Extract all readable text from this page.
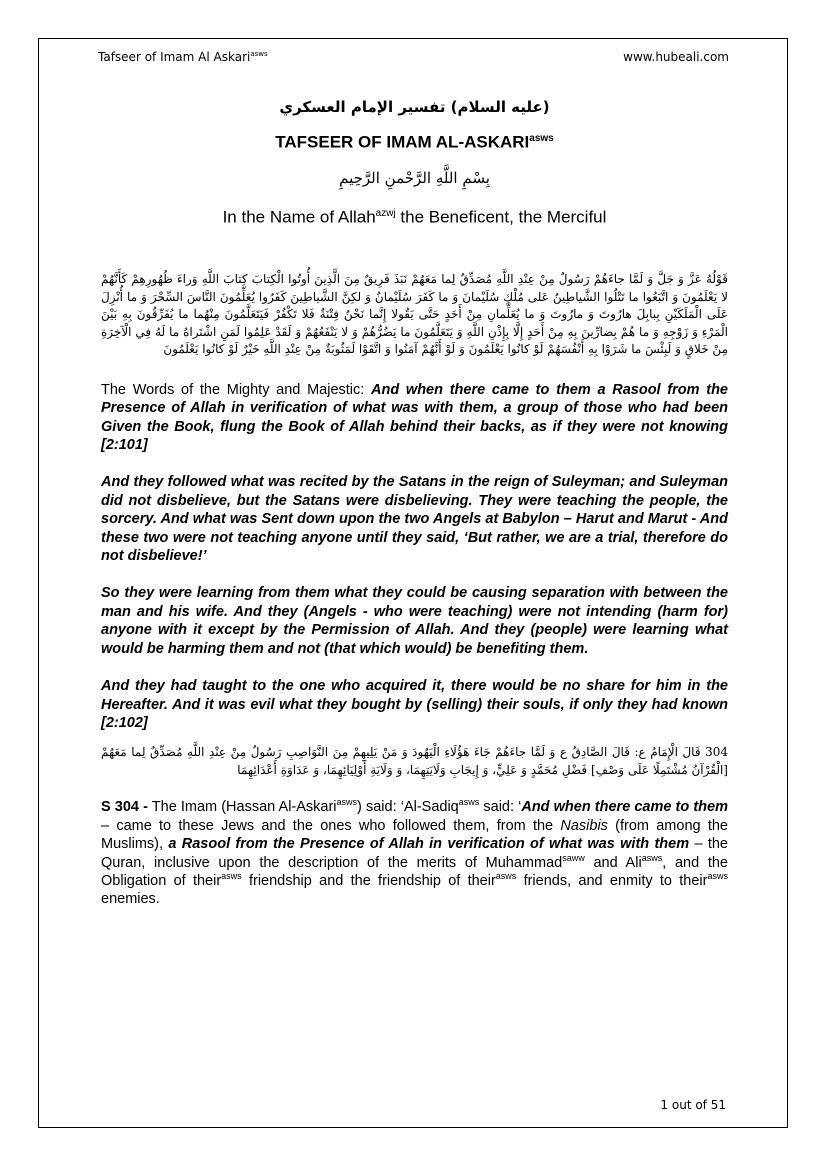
Tafseer of Imam Al Askari$^{asws}$	www.hubeali.com

(عليه السلام) تفسير الإمام العسكري

TAFSEER OF IMAM $AL-ASKARI^{asws}$

بِسْمِ اللَّهِ الرَّحْمنِ الرَّحِيمِ

In the Name of Allah$^{azwj}$ the Beneficent, the Merciful

قَوْلُهُ عَزَّ وَ جَلَّ وَ لَمَّا جاءَهُمْ رَسُولٌ مِنْ عِنْدِ اللَّهِ مُصَدِّقٌ لِما مَعَهُمْ نَبَذَ فَرِيقٌ مِنَ الَّذِينَ أُوتُوا الْكِتابَ كِتابَ اللَّهِ وَراءَ ظُهُورِهِمْ كَأَنَّهُمْ لا يَعْلَمُونَ وَ اتَّبَعُوا ما تَتْلُوا الشَّياطِينُ عَلى‏ مُلْكِ سُلَيْمانَ وَ ما كَفَرَ سُلَيْمانُ وَ لكِنَّ الشَّياطِينَ كَفَرُوا يُعَلِّمُونَ النَّاسَ السِّحْرَ وَ ما أُنْزِلَ عَلَى الْمَلَكَيْنِ بِبابِلَ هارُوتَ وَ مارُوتَ وَ ما يُعَلِّمانِ مِنْ أَحَدٍ حَتَّى يَقُولا إِنَّما نَحْنُ فِتْنَةٌ فَلا تَكْفُرْ فَيَتَعَلَّمُونَ مِنْهُما ما يُفَرِّقُونَ بِهِ بَيْنَ الْمَرْءِ وَ زَوْجِهِ وَ ما هُمْ بِضارِّينَ بِهِ مِنْ أَحَدٍ إِلَّا بِإِذْنِ اللَّهِ وَ يَتَعَلَّمُونَ ما يَضُرُّهُمْ وَ لا يَنْفَعُهُمْ وَ لَقَدْ عَلِمُوا لَمَنِ اشْتَراهُ ما لَهُ فِي الْآخِرَةِ مِنْ خَلاقٍ وَ لَبِئْسَ ما شَرَوْا بِهِ أَنْفُسَهُمْ لَوْ كانُوا يَعْلَمُونَ وَ لَوْ أَنَّهُمْ آمَنُوا وَ اتَّقَوْا لَمَثُوبَةٌ مِنْ عِنْدِ اللَّهِ خَيْرٌ لَوْ كانُوا يَعْلَمُونَ

The Words of the Mighty and Majestic: And when there came to them a Rasool from the Presence of Allah in verification of what was with them, a group of those who had been Given the Book, flung the Book of Allah behind their backs, as if they were not knowing [2:101]

And they followed what was recited by the Satans in the reign of Suleyman; and Suleyman did not disbelieve, but the Satans were disbelieving. They were teaching the people, the sorcery. And what was Sent down upon the two Angels at Babylon – Harut and Marut - And these two were not teaching anyone until they said, ‘But rather, we are a trial, therefore do not disbelieve!’

So they were learning from them what they could be causing separation with between the man and his wife. And they (Angels - who were teaching) were not intending (harm for) anyone with it except by the Permission of Allah. And they (people) were learning what would be harming them and not (that which would) be benefiting them.

And they had taught to the one who acquired it, there would be no share for him in the Hereafter. And it was evil what they bought by (selling) their souls, if only they had known [2:102]

304 قَالَ الْإِمَامُ ع: قَالَ الصَّادِقُ ع وَ لَمَّا جاءَهُمْ جَاءَ هَؤُلَاءِ الْيَهُودَ وَ مَنْ يَلِيهِمْ مِنَ النَّوَاصِبِ رَسُولٌ مِنْ عِنْدِ اللَّهِ مُصَدِّقٌ لِما مَعَهُمْ [الْقُرْآنُ مُشْتَمِلًا عَلَى وَصْفِ] فَضْلِ مُحَمَّدٍ وَ عَلِيٍّ، وَ إِيجَابِ وَلَايَتِهِمَا، وَ وَلَايَةِ أَوْلِيَائِهِمَا، وَ عَدَاوَةِ أَعْدَائِهِمَا

S 304 - The Imam (Hassan Al-Askari$^{asws}$) said: ‘Al-Sadiq$^{asws}$ said: ‘And when there came to them – came to these Jews and the ones who followed them, from the Nasibis (from among the Muslims), a Rasool from the Presence of Allah in verification of what was with them – the Quran, inclusive upon the description of the merits of Muhammad$^{saww}$ and Ali$^{asws}$, and the Obligation of their$^{asws}$ friendship and the friendship of their$^{asws}$ friends, and enmity to their$^{asws}$ enemies.

1 out of 51
